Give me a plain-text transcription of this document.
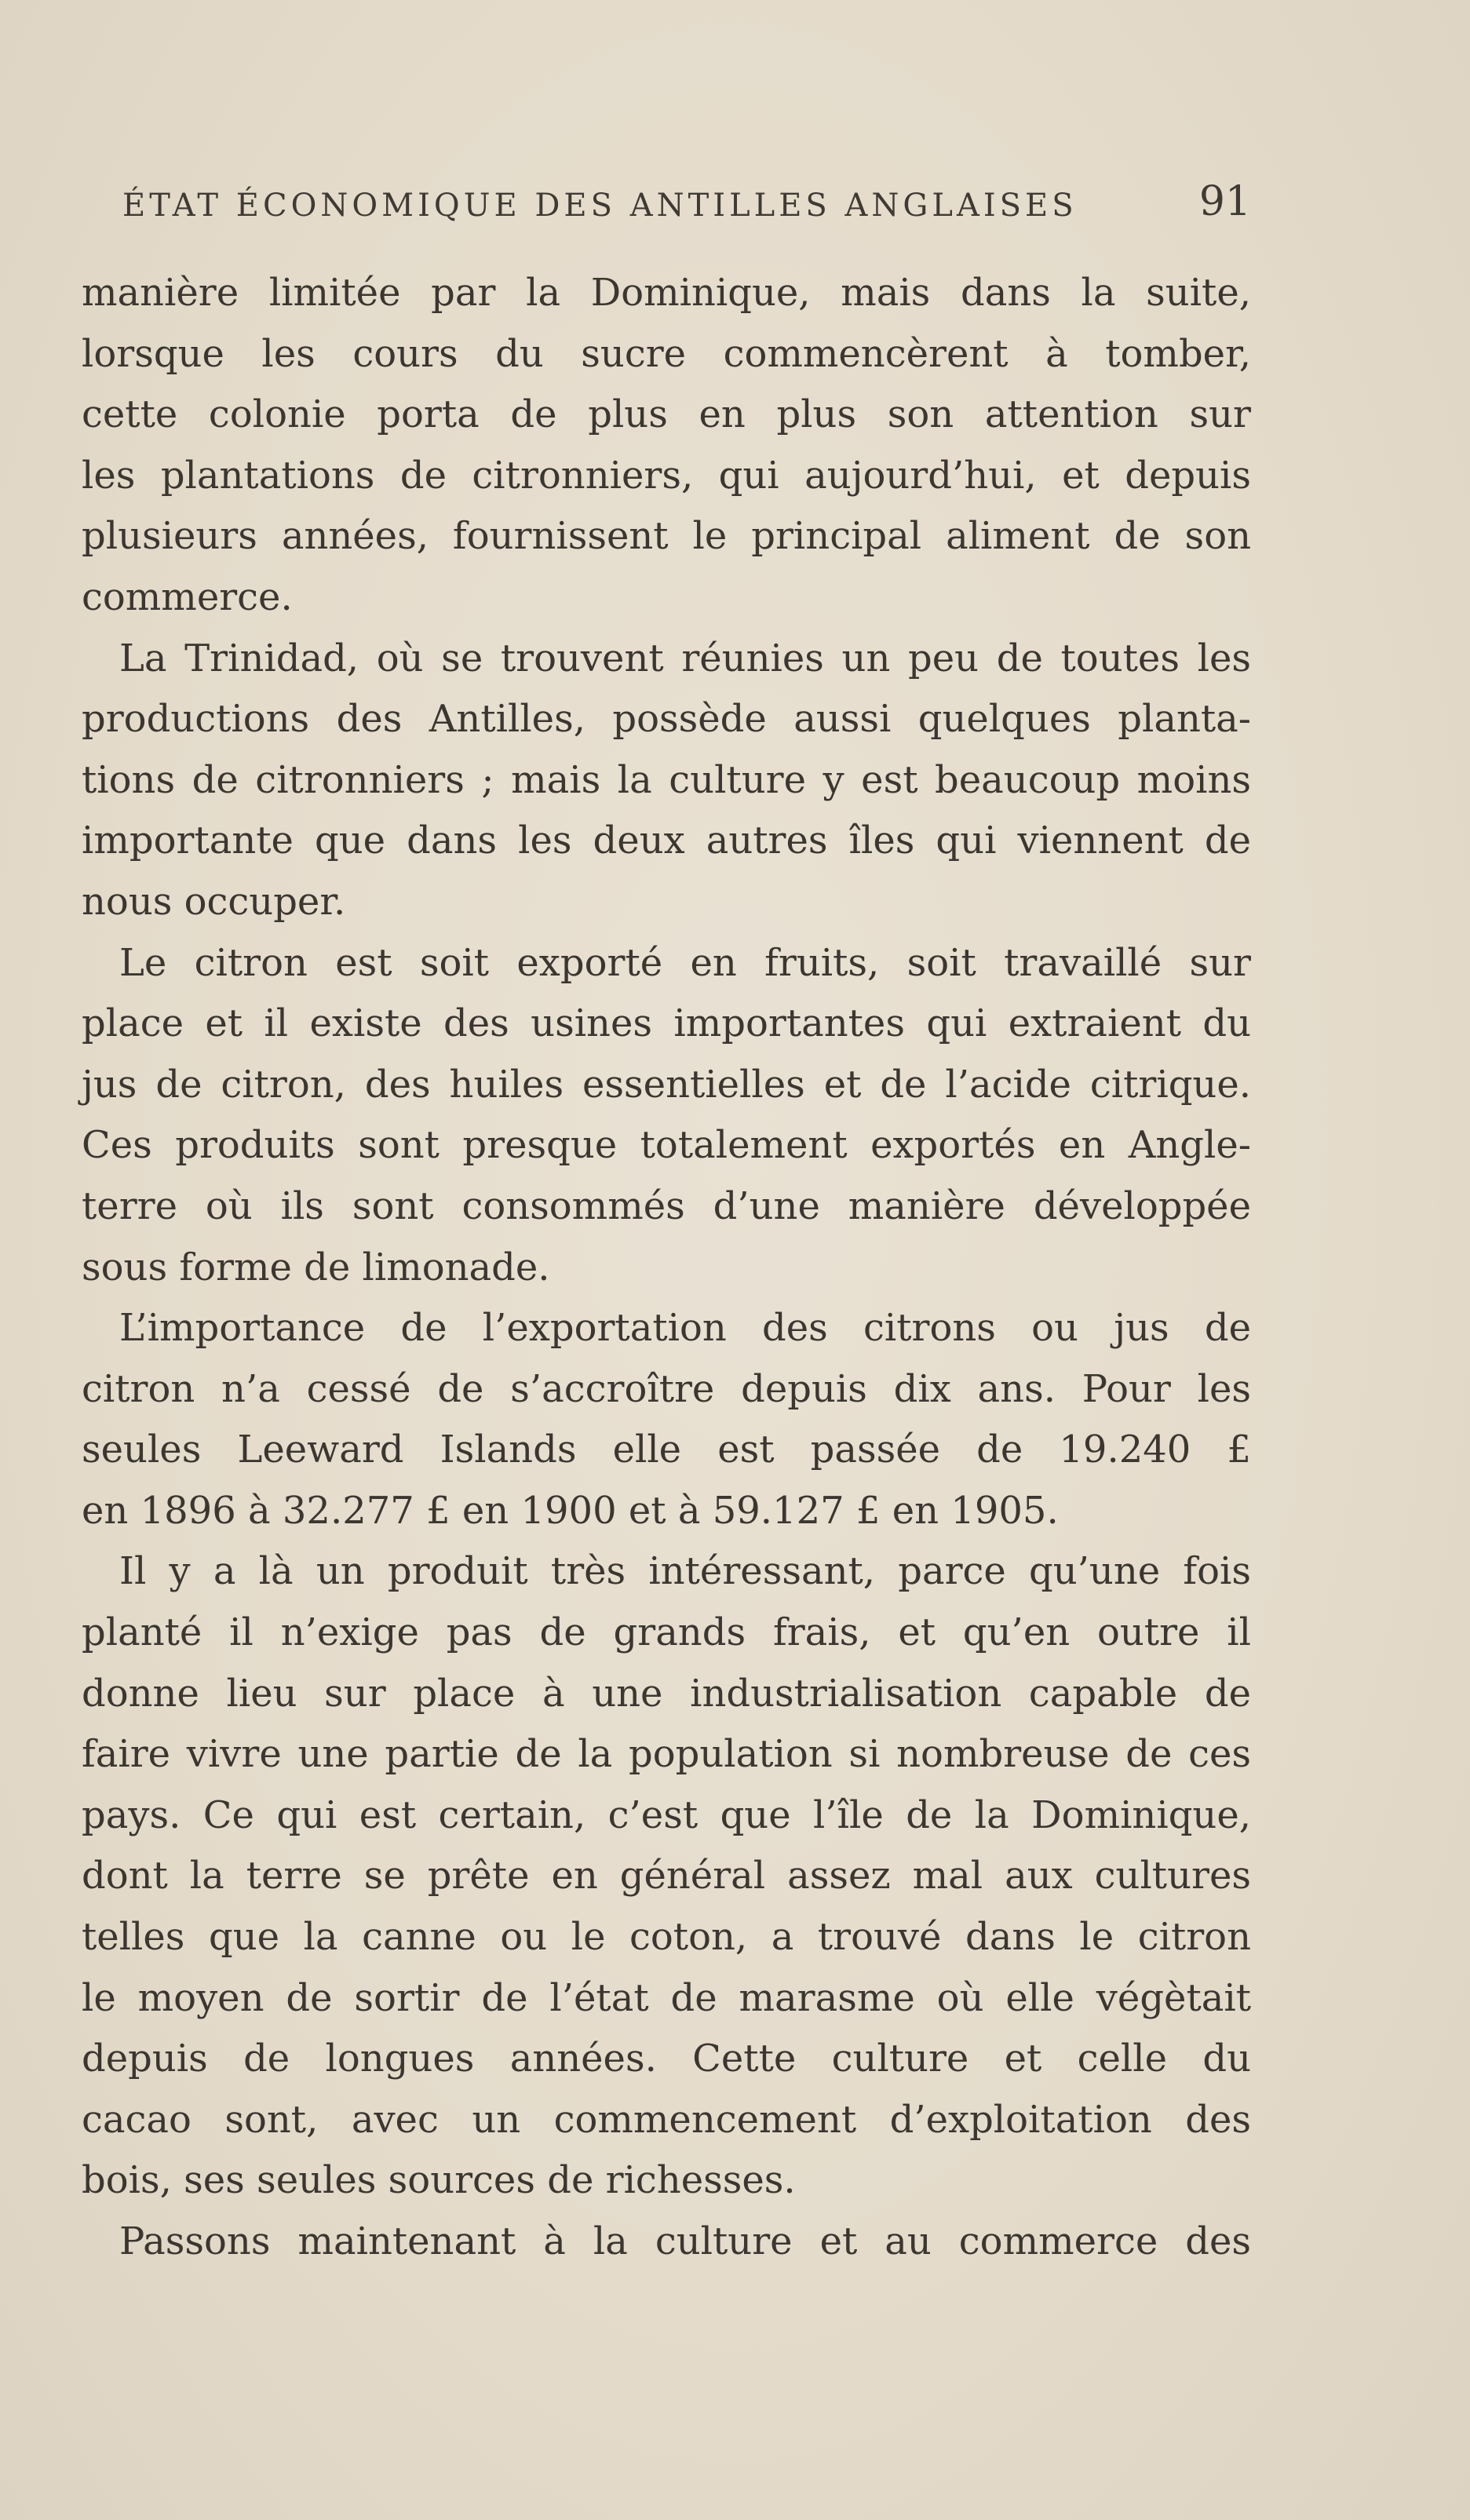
ÉTAT ÉCONOMIQUE DES ANTILLES ANGLAISES	91
manière limitée par la Dominique, mais dans la suite,
lorsque les cours du sucre commencèrent à tomber,
cette colonie porta de plus en plus son attention sur
les plantations de citronniers, qui aujourd’hui, et depuis
plusieurs années, fournissent le principal aliment de son
commerce.
La Trinidad, où se trouvent réunies un peu de toutes les
productions des Antilles, possède aussi quelques planta-
tions de citronniers ; mais la culture y est beaucoup moins
importante que dans les deux autres îles qui viennent de
nous occuper.
Le citron est soit exporté en fruits, soit travaillé sur
place et il existe des usines importantes qui extraient du
jus de citron, des huiles essentielles et de l’acide citrique.
Ces produits sont presque totalement exportés en Angle-
terre où ils sont consommés d’une manière développée
sous forme de limonade.
L’importance de l’exportation des citrons ou jus de
citron n’a cessé de s’accroître depuis dix ans. Pour les
seules Leeward Islands elle est passée de 19.240 £
en 1896 à 32.277 £ en 1900 et à 59.127 £ en 1905.
Il y a là un produit très intéressant, parce qu’une fois
planté il n’exige pas de grands frais, et qu’en outre il
donne lieu sur place à une industrialisation capable de
faire vivre une partie de la population si nombreuse de ces
pays. Ce qui est certain, c’est que l’île de la Dominique,
dont la terre se prête en général assez mal aux cultures
telles que la canne ou le coton, a trouvé dans le citron
le moyen de sortir de l’état de marasme où elle végètait
depuis de longues années. Cette culture et celle du
cacao sont, avec un commencement d’exploitation des
bois, ses seules sources de richesses.
Passons maintenant à la culture et au commerce des
